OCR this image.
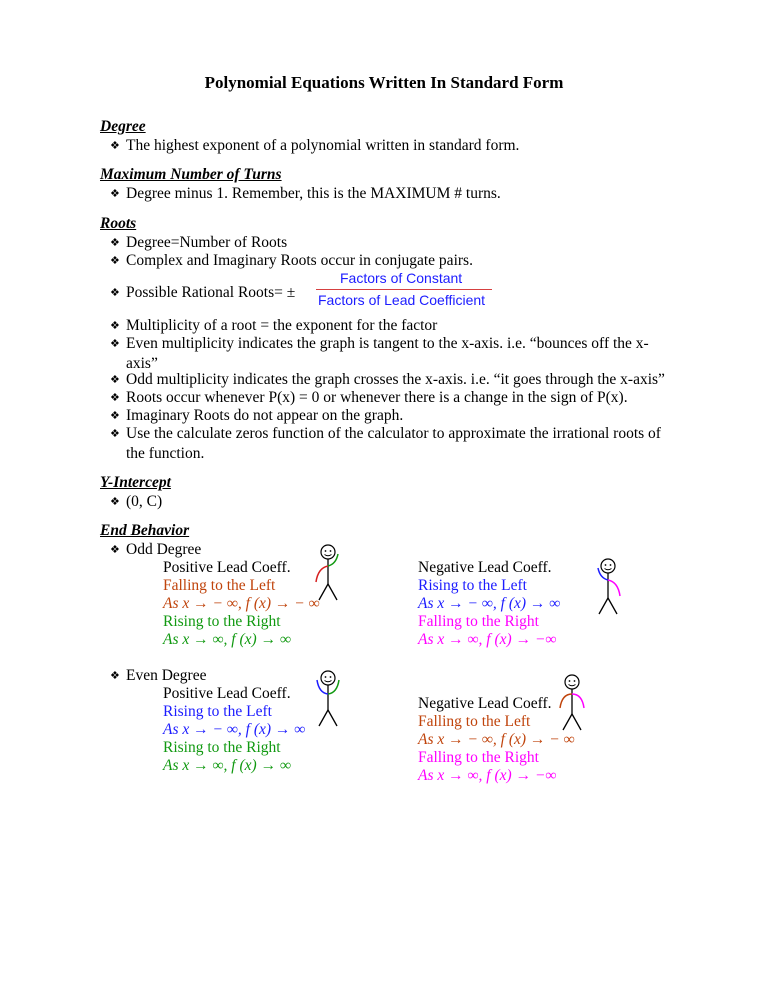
Polynomial Equations Written In Standard Form
Degree
❖ The highest exponent of a polynomial written in standard form.
Maximum Number of Turns
❖ Degree minus 1. Remember, this is the MAXIMUM # turns.
Roots
❖ Degree=Number of Roots
❖ Complex and Imaginary Roots occur in conjugate pairs.
❖ Possible Rational Roots= ±
Factors of Constant
Factors of Lead Coefficient
❖ Multiplicity of a root = the exponent for the factor
❖ Even multiplicity indicates the graph is tangent to the x-axis. i.e. “bounces off the x-axis”
❖ Odd multiplicity indicates the graph crosses the x-axis. i.e. “it goes through the x-axis”
❖ Roots occur whenever P(x) = 0 or whenever there is a change in the sign of P(x).
❖ Imaginary Roots do not appear on the graph.
❖ Use the calculate zeros function of the calculator to approximate the irrational roots of the function.
Y-Intercept
❖ (0, C)
End Behavior
❖ Odd Degree
Positive Lead Coeff.
Falling to the Left
As x → − ∞, f (x) → − ∞
Rising to the Right
As x → ∞, f (x) → ∞
Negative Lead Coeff.
Rising to the Left
As x → − ∞, f (x) → ∞
Falling to the Right
As x → ∞, f (x) → −∞
❖ Even Degree
Positive Lead Coeff.
Rising to the Left
As x → − ∞, f (x) → ∞
Rising to the Right
As x → ∞, f (x) → ∞
Negative Lead Coeff.
Falling to the Left
As x → − ∞, f (x) → − ∞
Falling to the Right
As x → ∞, f (x) → −∞
